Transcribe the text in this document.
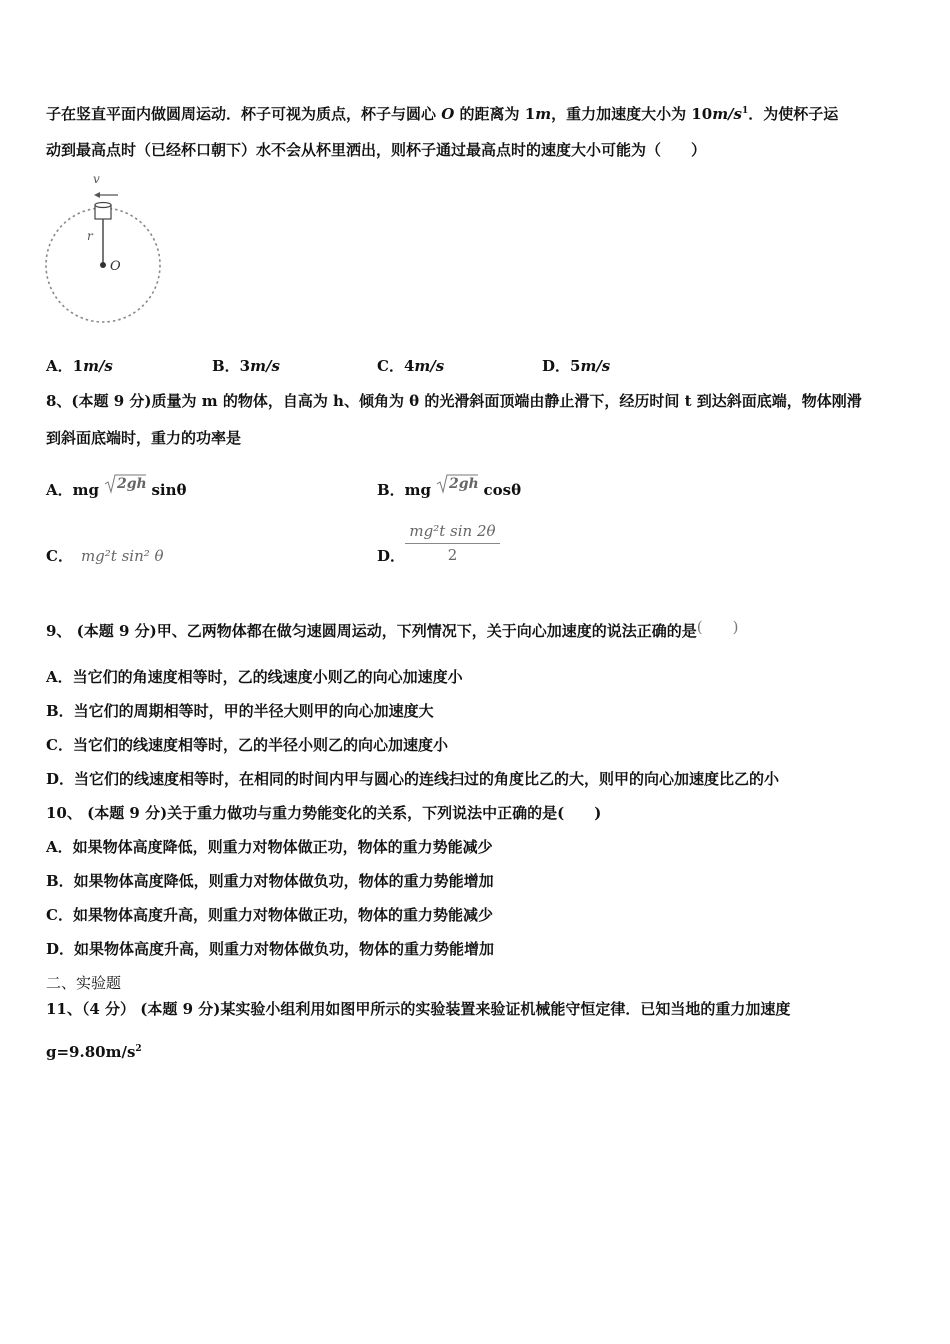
子在竖直平面内做圆周运动．杯子可视为质点，杯子与圆心 O 的距离为 1m，重力加速度大小为 $10m/s^1$．为使杯子运
动到最高点时（已经杯口朝下）水不会从杯里洒出，则杯子通过最高点时的速度大小可能为（　　）
v
r
O
A．1m/s	B．3m/s	C．4m/s	D．5m/s
8、(本题 9 分)质量为 m 的物体，自高为 h、倾角为 θ 的光滑斜面顶端由静止滑下，经历时间 t 到达斜面底端，物体刚滑
到斜面底端时，重力的功率是
A．mg 2gh sinθ	B．mg 2gh cosθ
C． mg²t sin² θ	D．
mg²t sin 2θ
2
9、 (本题 9 分)甲、乙两物体都在做匀速圆周运动，下列情况下，关于向心加速度的说法正确的是(　　)
A．当它们的角速度相等时，乙的线速度小则乙的向心加速度小
B．当它们的周期相等时，甲的半径大则甲的向心加速度大
C．当它们的线速度相等时，乙的半径小则乙的向心加速度小
D．当它们的线速度相等时，在相同的时间内甲与圆心的连线扫过的角度比乙的大，则甲的向心加速度比乙的小
10、 (本题 9 分)关于重力做功与重力势能变化的关系，下列说法中正确的是(　　)
A．如果物体高度降低，则重力对物体做正功，物体的重力势能减少
B．如果物体高度降低，则重力对物体做负功，物体的重力势能增加
C．如果物体高度升高，则重力对物体做正功，物体的重力势能减少
D．如果物体高度升高，则重力对物体做负功，物体的重力势能增加
二、实验题
11、（4 分） (本题 9 分)某实验小组利用如图甲所示的实验装置来验证机械能守恒定律．已知当地的重力加速度
$g=9.80m/s^2$
